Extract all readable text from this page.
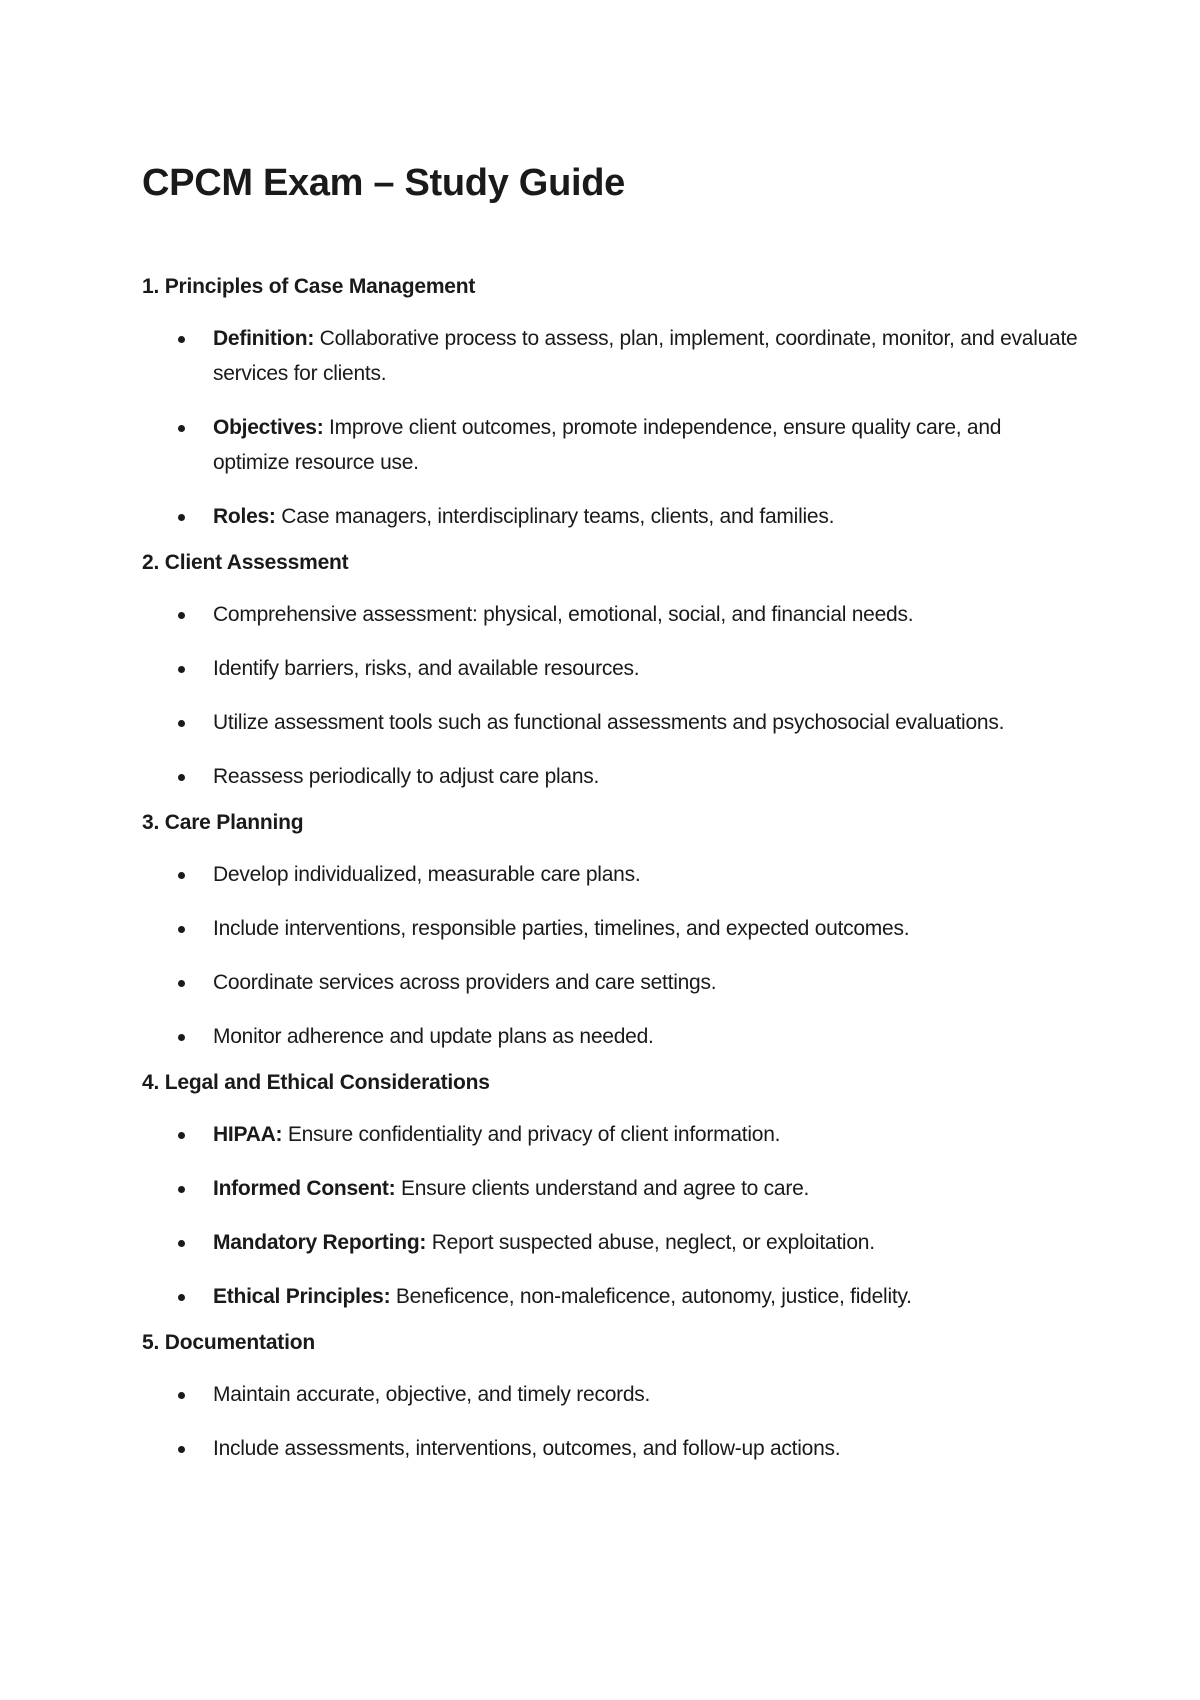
CPCM Exam – Study Guide
1. Principles of Case Management
Definition: Collaborative process to assess, plan, implement, coordinate, monitor, and evaluate services for clients.
Objectives: Improve client outcomes, promote independence, ensure quality care, and optimize resource use.
Roles: Case managers, interdisciplinary teams, clients, and families.
2. Client Assessment
Comprehensive assessment: physical, emotional, social, and financial needs.
Identify barriers, risks, and available resources.
Utilize assessment tools such as functional assessments and psychosocial evaluations.
Reassess periodically to adjust care plans.
3. Care Planning
Develop individualized, measurable care plans.
Include interventions, responsible parties, timelines, and expected outcomes.
Coordinate services across providers and care settings.
Monitor adherence and update plans as needed.
4. Legal and Ethical Considerations
HIPAA: Ensure confidentiality and privacy of client information.
Informed Consent: Ensure clients understand and agree to care.
Mandatory Reporting: Report suspected abuse, neglect, or exploitation.
Ethical Principles: Beneficence, non-maleficence, autonomy, justice, fidelity.
5. Documentation
Maintain accurate, objective, and timely records.
Include assessments, interventions, outcomes, and follow-up actions.
